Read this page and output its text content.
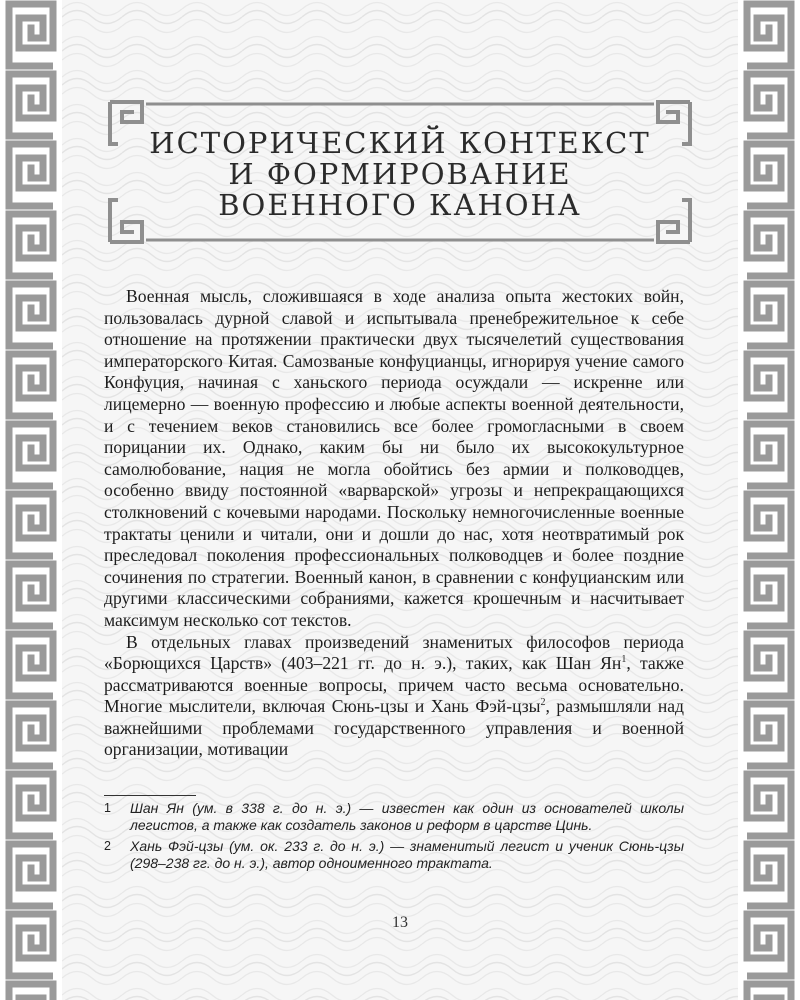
ИСТОРИЧЕСКИЙ КОНТЕКСТ
И ФОРМИРОВАНИЕ
ВОЕННОГО КАНОНА

Военная мысль, сложившаяся в ходе анализа опыта жестоких войн, пользовалась дурной славой и испытывала пренебрежительное к себе отношение на протяжении практически двух тысячелетий существования императорского Китая. Самозваные конфуцианцы, игнорируя учение самого Конфуция, начиная с ханьского периода осуждали — искренне или лицемерно — военную профессию и любые аспекты военной деятельности, и с течением веков становились все более громогласными в своем порицании их. Однако, каким бы ни было их высококультурное самолюбование, нация не могла обойтись без армии и полководцев, особенно ввиду постоянной «варварской» угрозы и непрекращающихся столкновений с кочевыми народами. Поскольку немногочисленные военные трактаты ценили и читали, они и дошли до нас, хотя неотвратимый рок преследовал поколения профессиональных полководцев и более поздние сочинения по стратегии. Военный канон, в сравнении с конфуцианским или другими классическими собраниями, кажется крошечным и насчитывает максимум несколько сот текстов.

В отдельных главах произведений знаменитых философов периода «Борющихся Царств» (403–221 гг. до н. э.), таких, как Шан $Ян^1$, также рассматриваются военные вопросы, причем часто весьма основательно. Многие мыслители, включая Сюнь-цзы и Хань Фэй-цзы$^2$, размышляли над важнейшими проблемами государственного управления и военной организации, мотивации

1 Шан Ян (ум. в 338 г. до н. э.) — известен как один из основателей школы легистов, а также как создатель законов и реформ в царстве Цинь.
2 Хань Фэй-цзы (ум. ок. 233 г. до н. э.) — знаменитый легист и ученик Сюнь-цзы (298–238 гг. до н. э.), автор одноименного трактата.
13
